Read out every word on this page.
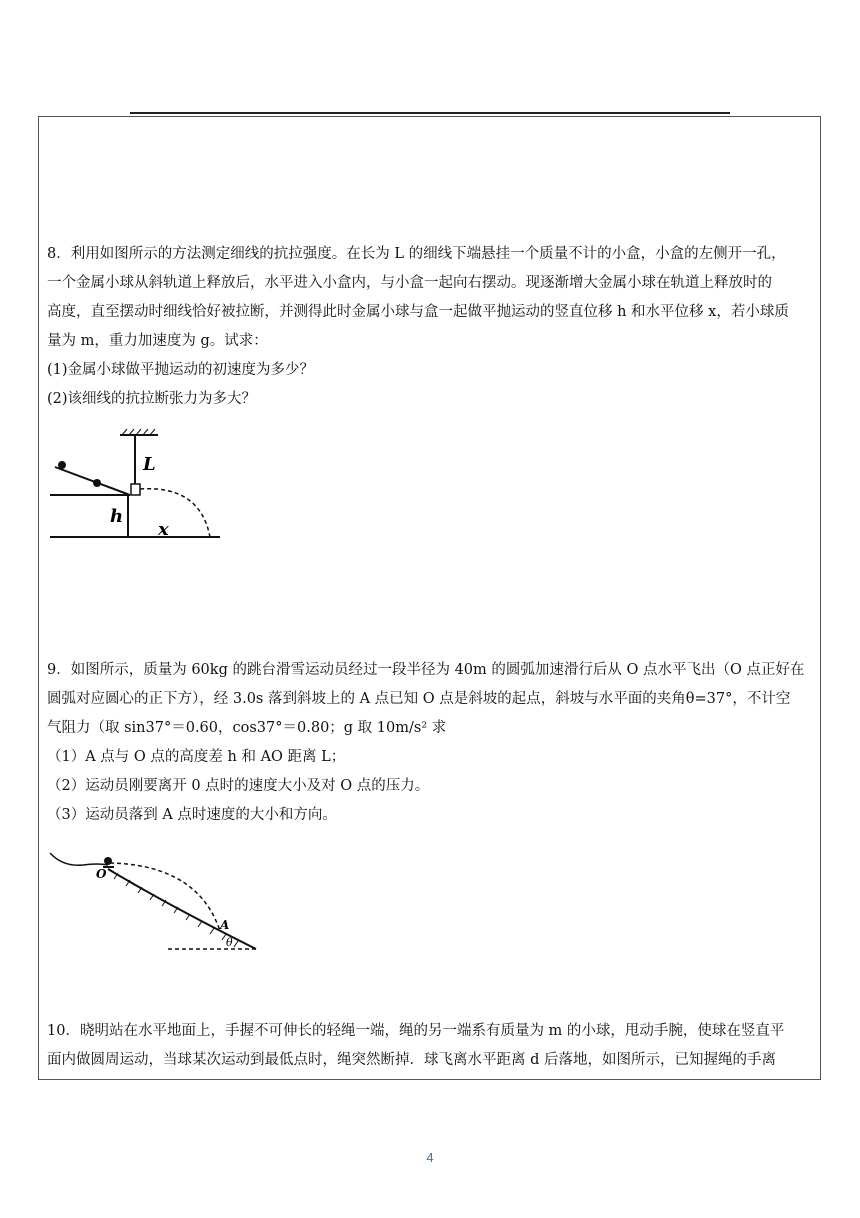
8．利用如图所示的方法测定细线的抗拉强度。在长为 L 的细线下端悬挂一个质量不计的小盒，小盒的左侧开一孔，

一个金属小球从斜轨道上释放后，水平进入小盒内，与小盒一起向右摆动。现逐渐增大金属小球在轨道上释放时的

高度，直至摆动时细线恰好被拉断，并测得此时金属小球与盒一起做平抛运动的竖直位移 h 和水平位移 x，若小球质

量为 m，重力加速度为 g。试求：

(1)金属小球做平抛运动的初速度为多少？

(2)该细线的抗拉断张力为多大？

L
h
x

9．如图所示，质量为 60kg 的跳台滑雪运动员经过一段半径为 40m 的圆弧加速滑行后从 O 点水平飞出（O 点正好在

圆弧对应圆心的正下方），经 3.0s 落到斜坡上的 A 点已知 O 点是斜坡的起点，斜坡与水平面的夹角θ=37°，不计空

气阻力（取 sin37°＝0.60，cos37°＝0.80；g 取 10m/s² 求

（1）A 点与 O 点的高度差 h 和 AO 距离 L；

（2）运动员刚要离开 0 点时的速度大小及对 O 点的压力。

（3）运动员落到 A 点时速度的大小和方向。

O
A
θ

10．晓明站在水平地面上，手握不可伸长的轻绳一端，绳的另一端系有质量为 m 的小球，甩动手腕，使球在竖直平

面内做圆周运动，当球某次运动到最低点时，绳突然断掉．球飞离水平距离 d 后落地，如图所示，已知握绳的手离

4
